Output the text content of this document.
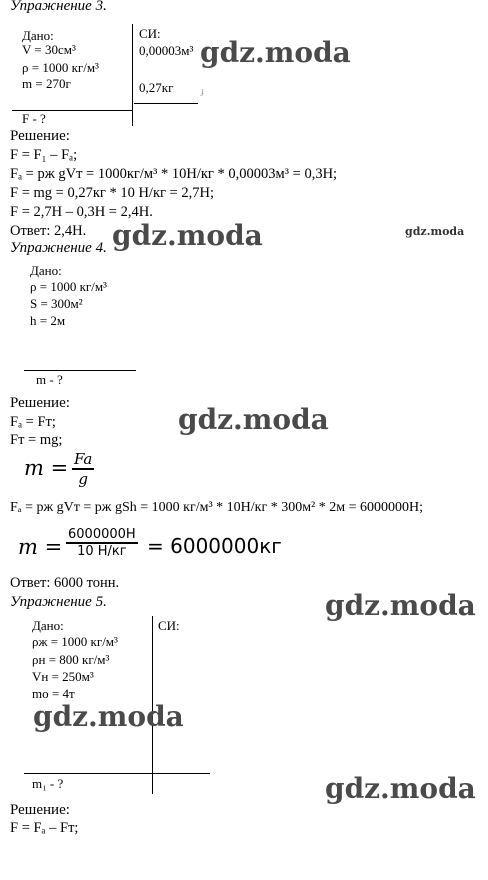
Упражнение 3.
Дано:
V = 30см³
ρ = 1000 кг/м³
m = 270г
F - ?
СИ:
0,00003м³
0,27кг	ɟ
Решение:
F = F₁ – Fₐ;
Fₐ = pж gVт = 1000кг/м³ * 10Н/кг * 0,00003м³ = 0,3Н;
F = mg = 0,27кг * 10 Н/кг = 2,7Н;
F = 2,7Н – 0,3Н = 2,4Н.
Ответ: 2,4Н.
Упражнение 4.
Дано:
ρ = 1000 кг/м³
S = 300м²
h = 2м
m - ?
Решение:
Fₐ = Fт;
Fт = mg;
m = Fa
g
Fₐ = pж gVт = pж gSh = 1000 кг/м³ * 10Н/кг * 300м² * 2м = 6000000Н;
m =
6000000H
10 Н/кг = 6000000кг
Ответ: 6000 тонн.
Упражнение 5.
Дано:
ρж = 1000 кг/м³
ρн = 800 кг/м³
Vн = 250м³
mо = 4т
СИ:
m₁ - ?
Решение:
F = Fₐ – Fт;
gdz.moda
gdz.moda	gdz.moda
gdz.moda
gdz.moda
gdz.moda
gdz.moda
